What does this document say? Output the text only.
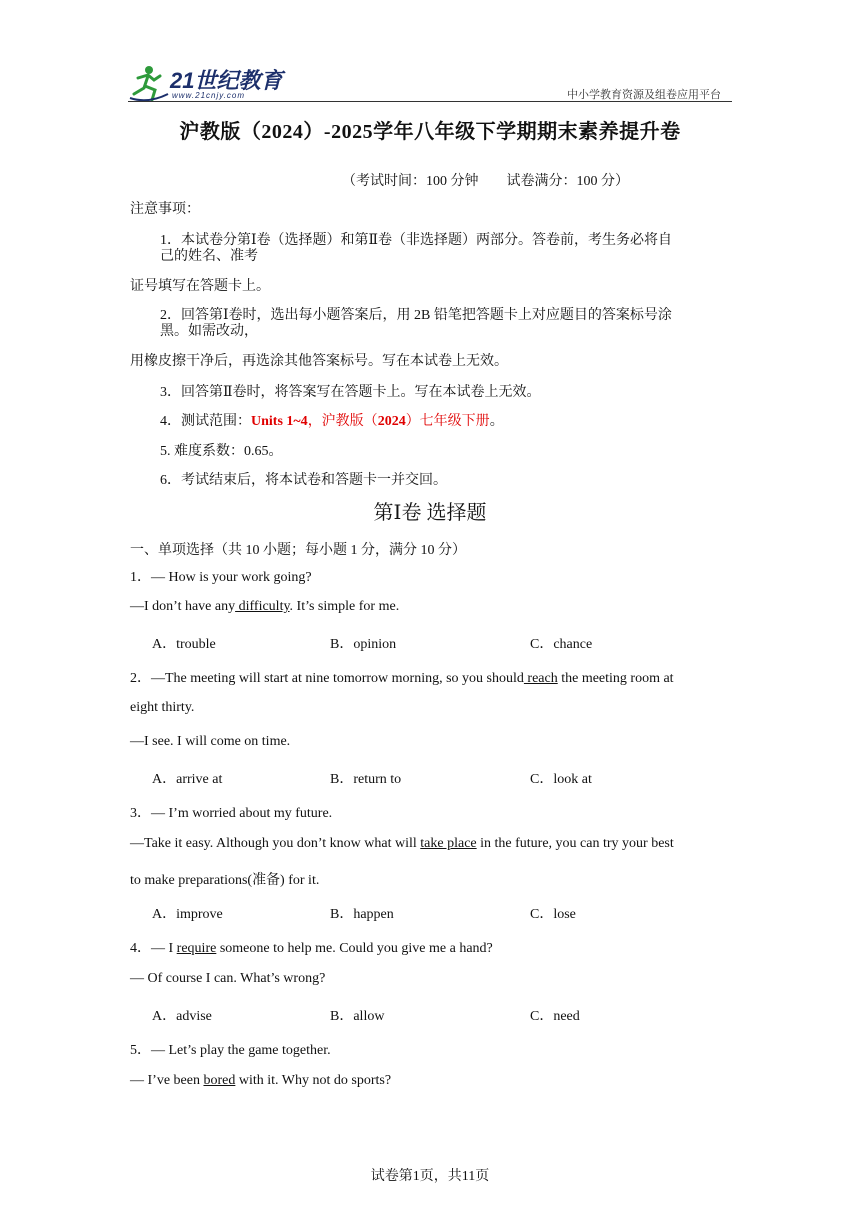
21世纪教育
www.21cnjy.com	中小学教育资源及组卷应用平台
沪教版（2024）-2025学年八年级下学期期末素养提升卷
（考试时间：100 分钟 试卷满分：100 分）
注意事项：
1．本试卷分第Ⅰ卷（选择题）和第Ⅱ卷（非选择题）两部分。答卷前，考生务必将自
己的姓名、准考
证号填写在答题卡上。
2．回答第Ⅰ卷时，选出每小题答案后，用 2B 铅笔把答题卡上对应题目的答案标号涂
黑。如需改动，
用橡皮擦干净后，再选涂其他答案标号。写在本试卷上无效。
3．回答第Ⅱ卷时，将答案写在答题卡上。写在本试卷上无效。
4．测试范围：Units 1~4，沪教版（2024）七年级下册。
5. 难度系数：0.65。
6．考试结束后，将本试卷和答题卡一并交回。
第Ⅰ卷 选择题
一、单项选择（共 10 小题；每小题 1 分，满分 10 分）
1．— How is your work going?
—I don’t have any difficulty. It’s simple for me.
A．trouble	B．opinion	C．chance
2．—The meeting will start at nine tomorrow morning, so you should reach the meeting room at
eight thirty.
—I see. I will come on time.
A．arrive at	B．return to	C．look at
3．— I’m worried about my future.
—Take it easy. Although you don’t know what will take place in the future, you can try your best
to make preparations(准备) for it.
A．improve	B．happen	C．lose
4．— I require someone to help me. Could you give me a hand?
— Of course I can. What’s wrong?
A．advise	B．allow	C．need
5．— Let’s play the game together.
— I’ve been bored with it. Why not do sports?
试卷第1页，共11页
